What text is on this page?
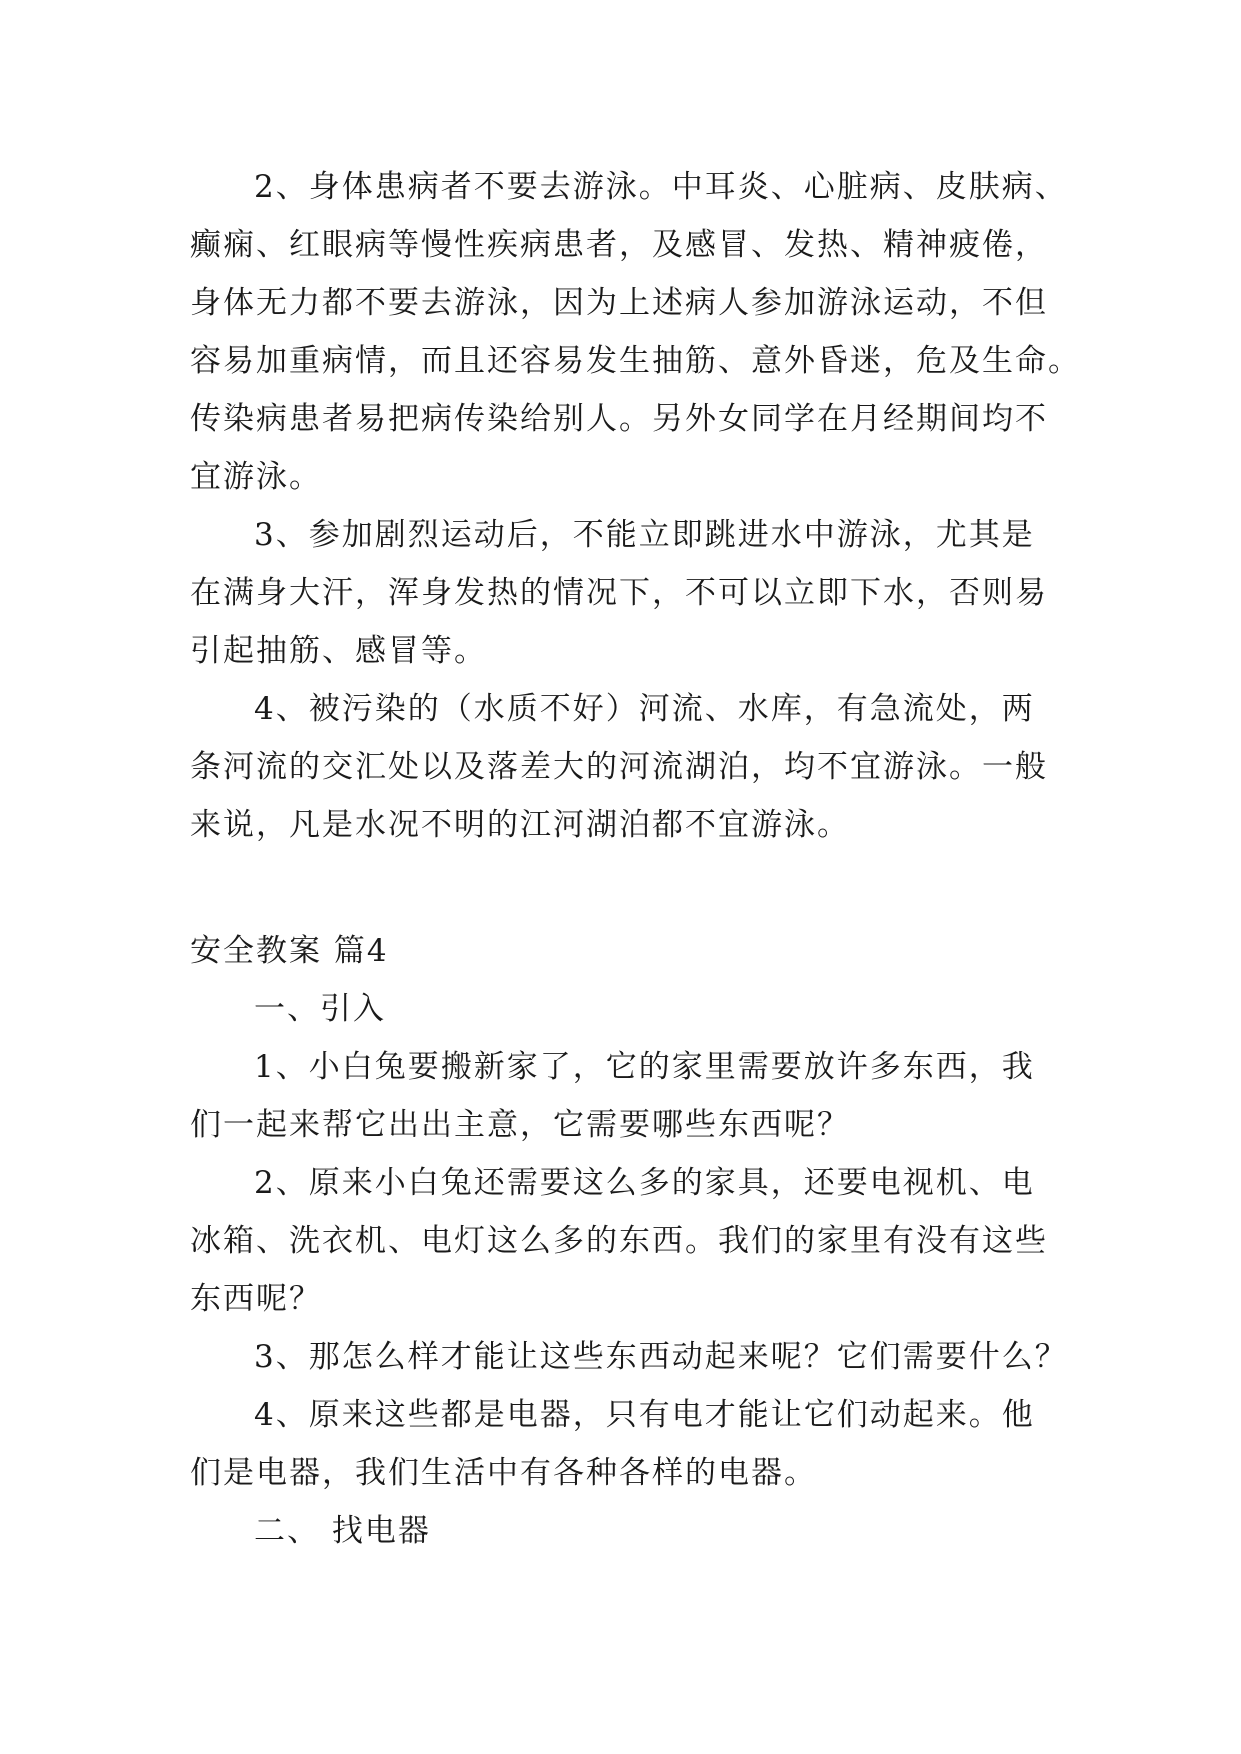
2、身体患病者不要去游泳。中耳炎、心脏病、皮肤病、
癫痫、红眼病等慢性疾病患者，及感冒、发热、精神疲倦，
身体无力都不要去游泳，因为上述病人参加游泳运动，不但
容易加重病情，而且还容易发生抽筋、意外昏迷，危及生命。
传染病患者易把病传染给别人。另外女同学在月经期间均不
宜游泳。
3、参加剧烈运动后，不能立即跳进水中游泳，尤其是
在满身大汗，浑身发热的情况下，不可以立即下水，否则易
引起抽筋、感冒等。
4、被污染的（水质不好）河流、水库，有急流处，两
条河流的交汇处以及落差大的河流湖泊，均不宜游泳。一般
来说，凡是水况不明的江河湖泊都不宜游泳。
安全教案 篇4
一、引入
1、小白兔要搬新家了，它的家里需要放许多东西，我
们一起来帮它出出主意，它需要哪些东西呢？
2、原来小白兔还需要这么多的家具，还要电视机、电
冰箱、洗衣机、电灯这么多的东西。我们的家里有没有这些
东西呢？
3、那怎么样才能让这些东西动起来呢？它们需要什么？
4、原来这些都是电器，只有电才能让它们动起来。他
们是电器，我们生活中有各种各样的电器。
二、 找电器
